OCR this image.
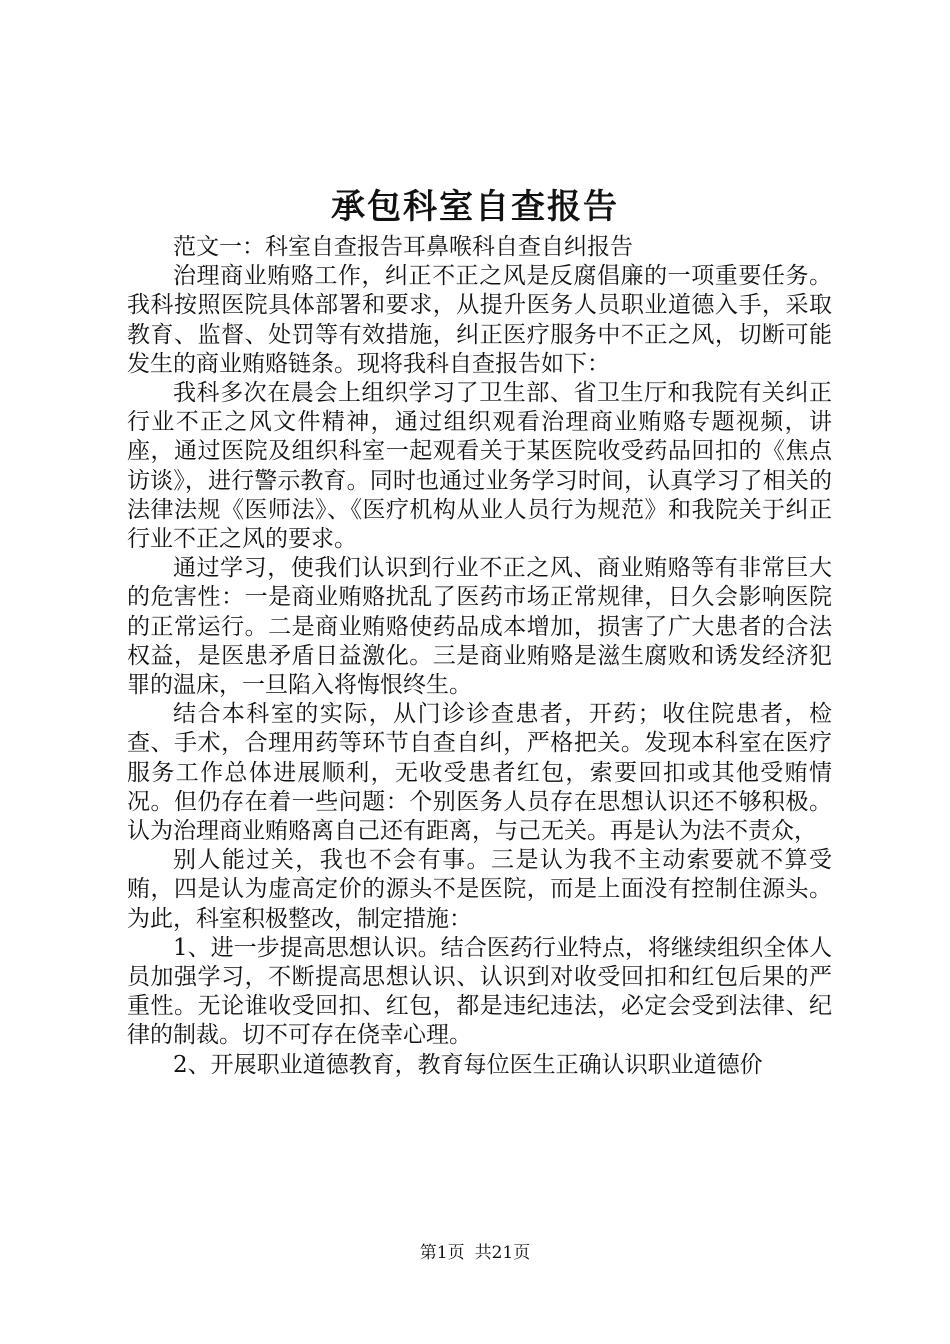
承包科室自查报告

范文一：科室自查报告耳鼻喉科自查自纠报告

治理商业贿赂工作，纠正不正之风是反腐倡廉的一项重要任务。我科按照医院具体部署和要求，从提升医务人员职业道德入手，采取教育、监督、处罚等有效措施，纠正医疗服务中不正之风，切断可能发生的商业贿赂链条。现将我科自查报告如下：

我科多次在晨会上组织学习了卫生部、省卫生厅和我院有关纠正行业不正之风文件精神，通过组织观看治理商业贿赂专题视频，讲座，通过医院及组织科室一起观看关于某医院收受药品回扣的《焦点访谈》，进行警示教育。同时也通过业务学习时间，认真学习了相关的法律法规《医师法》、《医疗机构从业人员行为规范》和我院关于纠正行业不正之风的要求。

通过学习，使我们认识到行业不正之风、商业贿赂等有非常巨大的危害性：一是商业贿赂扰乱了医药市场正常规律，日久会影响医院的正常运行。二是商业贿赂使药品成本增加，损害了广大患者的合法权益，是医患矛盾日益激化。三是商业贿赂是滋生腐败和诱发经济犯罪的温床，一旦陷入将悔恨终生。

结合本科室的实际，从门诊诊查患者，开药；收住院患者，检查、手术，合理用药等环节自查自纠，严格把关。发现本科室在医疗服务工作总体进展顺利，无收受患者红包，索要回扣或其他受贿情况。但仍存在着一些问题：个别医务人员存在思想认识还不够积极。认为治理商业贿赂离自己还有距离，与己无关。再是认为法不责众，

别人能过关，我也不会有事。三是认为我不主动索要就不算受贿，四是认为虚高定价的源头不是医院，而是上面没有控制住源头。为此，科室积极整改，制定措施：

1、进一步提高思想认识。结合医药行业特点，将继续组织全体人员加强学习，不断提高思想认识、认识到对收受回扣和红包后果的严重性。无论谁收受回扣、红包，都是违纪违法，必定会受到法律、纪律的制裁。切不可存在侥幸心理。

2、开展职业道德教育，教育每位医生正确认识职业道德价

第1页 共21页
